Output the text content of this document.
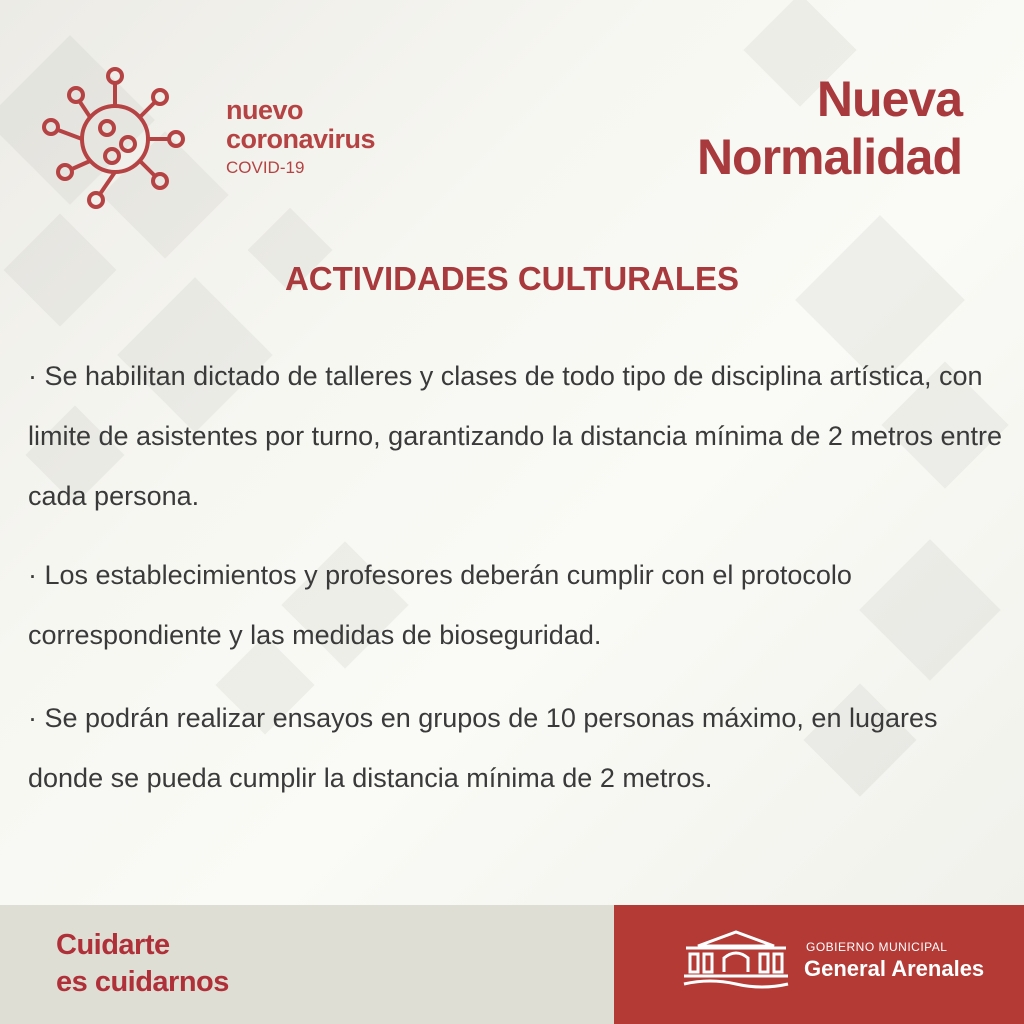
nuevo
coronavirus
COVID-19
Nueva
Normalidad
ACTIVIDADES CULTURALES
· Se habilitan dictado de talleres y clases de todo tipo de disciplina artística, con limite de asistentes por turno, garantizando la distancia mínima de 2 metros entre cada persona.
· Los establecimientos y profesores deberán cumplir con el protocolo correspondiente y las medidas de bioseguridad.
· Se podrán realizar ensayos en grupos de 10 personas máximo, en lugares donde se pueda cumplir la distancia mínima de 2 metros.
Cuidarte
es cuidarnos
GOBIERNO MUNICIPAL
General Arenales
